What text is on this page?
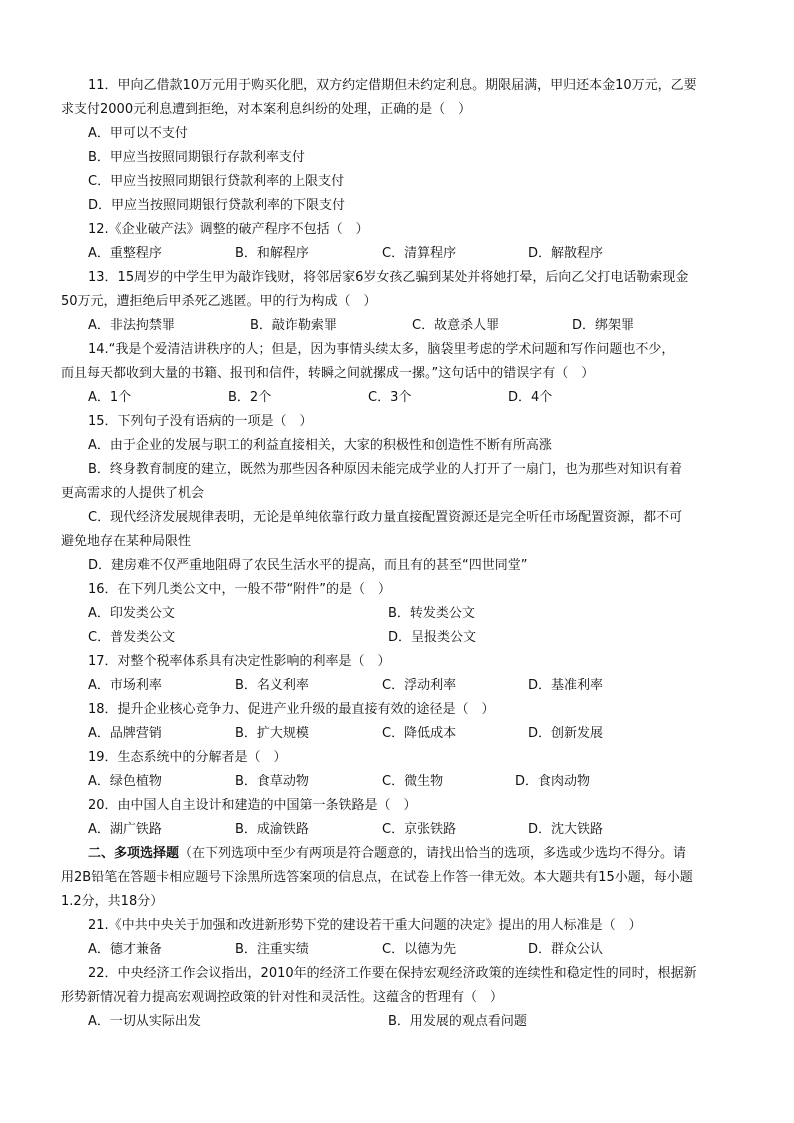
11．甲向乙借款10万元用于购买化肥，双方约定借期但未约定利息。期限届满，甲归还本金10万元，乙要
求支付2000元利息遭到拒绝，对本案利息纠纷的处理，正确的是（　）
A．甲可以不支付
B．甲应当按照同期银行存款利率支付
C．甲应当按照同期银行贷款利率的上限支付
D．甲应当按照同期银行贷款利率的下限支付
12.《企业破产法》调整的破产程序不包括（　）
A．重整程序	B．和解程序	C．清算程序	D．解散程序
13．15周岁的中学生甲为敲诈钱财，将邻居家6岁女孩乙骗到某处并将她打晕，后向乙父打电话勒索现金
50万元，遭拒绝后甲杀死乙逃匿。甲的行为构成（　）
A．非法拘禁罪	B．敲诈勒索罪	C．故意杀人罪	D．绑架罪
14.“我是个爱清洁讲秩序的人；但是，因为事情头续太多，脑袋里考虑的学术问题和写作问题也不少，
而且每天都收到大量的书籍、报刊和信件，转瞬之间就摞成一摞。”这句话中的错误字有（　）
A．1个	B．2个	C．3个	D．4个
15．下列句子没有语病的一项是（　）
A．由于企业的发展与职工的利益直接相关，大家的积极性和创造性不断有所高涨
B．终身教育制度的建立，既然为那些因各种原因未能完成学业的人打开了一扇门，也为那些对知识有着
更高需求的人提供了机会
C．现代经济发展规律表明，无论是单纯依靠行政力量直接配置资源还是完全听任市场配置资源，都不可
避免地存在某种局限性
D．建房难不仅严重地阻碍了农民生活水平的提高，而且有的甚至“四世同堂”
16．在下列几类公文中，一般不带“附件”的是（　）
A．印发类公文	B．转发类公文
C．普发类公文	D．呈报类公文
17．对整个税率体系具有决定性影响的利率是（　）
A．市场利率	B．名义利率	C．浮动利率	D．基准利率
18．提升企业核心竞争力、促进产业升级的最直接有效的途径是（　）
A．品牌营销	B．扩大规模	C．降低成本	D．创新发展
19．生态系统中的分解者是（　）
A．绿色植物	B．食草动物	C．微生物	D．食肉动物
20．由中国人自主设计和建造的中国第一条铁路是（　）
A．湖广铁路	B．成渝铁路	C．京张铁路	D．沈大铁路
二、多项选择题（在下列选项中至少有两项是符合题意的，请找出恰当的选项，多选或少选均不得分。请
用2B铅笔在答题卡相应题号下涂黑所选答案项的信息点，在试卷上作答一律无效。本大题共有15小题，每小题
1.2分，共18分）
21.《中共中央关于加强和改进新形势下党的建设若干重大问题的决定》提出的用人标准是（　）
A．德才兼备	B．注重实绩	C．以德为先	D．群众公认
22．中央经济工作会议指出，2010年的经济工作要在保持宏观经济政策的连续性和稳定性的同时，根据新
形势新情况着力提高宏观调控政策的针对性和灵活性。这蕴含的哲理有（　）
A．一切从实际出发	B．用发展的观点看问题
